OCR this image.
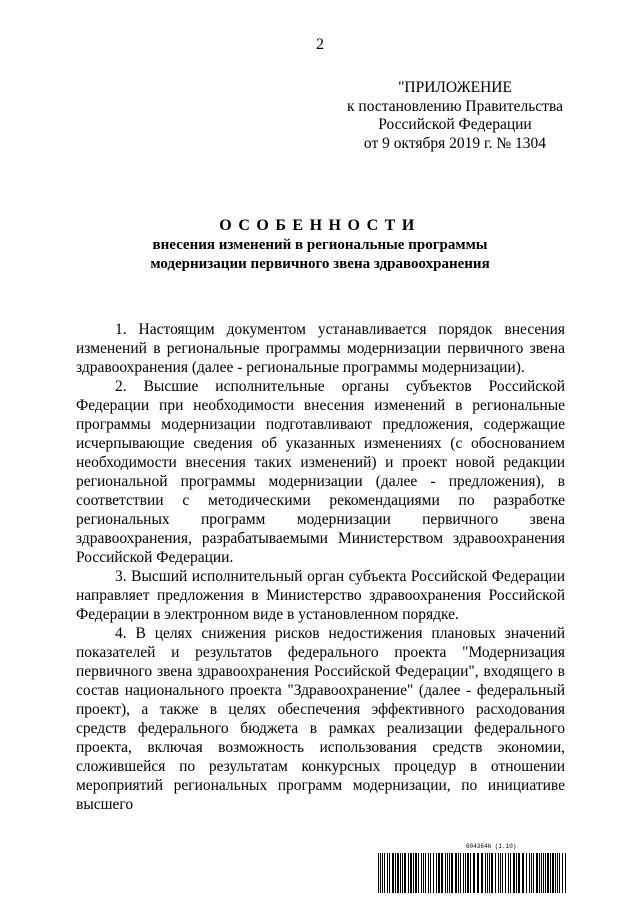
2
"ПРИЛОЖЕНИЕ
к постановлению Правительства
Российской Федерации
от 9 октября 2019 г. № 1304
ОСОБЕННОСТИ
внесения изменений в региональные программы
модернизации первичного звена здравоохранения

1. Настоящим документом устанавливается порядок внесения изменений в региональные программы модернизации первичного звена здравоохранения (далее - региональные программы модернизации).

2. Высшие исполнительные органы субъектов Российской Федерации при необходимости внесения изменений в региональные программы модернизации подготавливают предложения, содержащие исчерпывающие сведения об указанных изменениях (с обоснованием необходимости внесения таких изменений) и проект новой редакции региональной программы модернизации (далее - предложения), в соответствии с методическими рекомендациями по разработке региональных программ модернизации первичного звена здравоохранения, разрабатываемыми Министерством здравоохранения Российской Федерации.

3. Высший исполнительный орган субъекта Российской Федерации направляет предложения в Министерство здравоохранения Российской Федерации в электронном виде в установленном порядке.

4. В целях снижения рисков недостижения плановых значений показателей и результатов федерального проекта "Модернизация первичного звена здравоохранения Российской Федерации", входящего в состав национального проекта "Здравоохранение" (далее - федеральный проект), а также в целях обеспечения эффективного расходования средств федерального бюджета в рамках реализации федерального проекта, включая возможность использования средств экономии, сложившейся по результатам конкурсных процедур в отношении мероприятий региональных программ модернизации, по инициативе высшего

6043646 (1.10)
